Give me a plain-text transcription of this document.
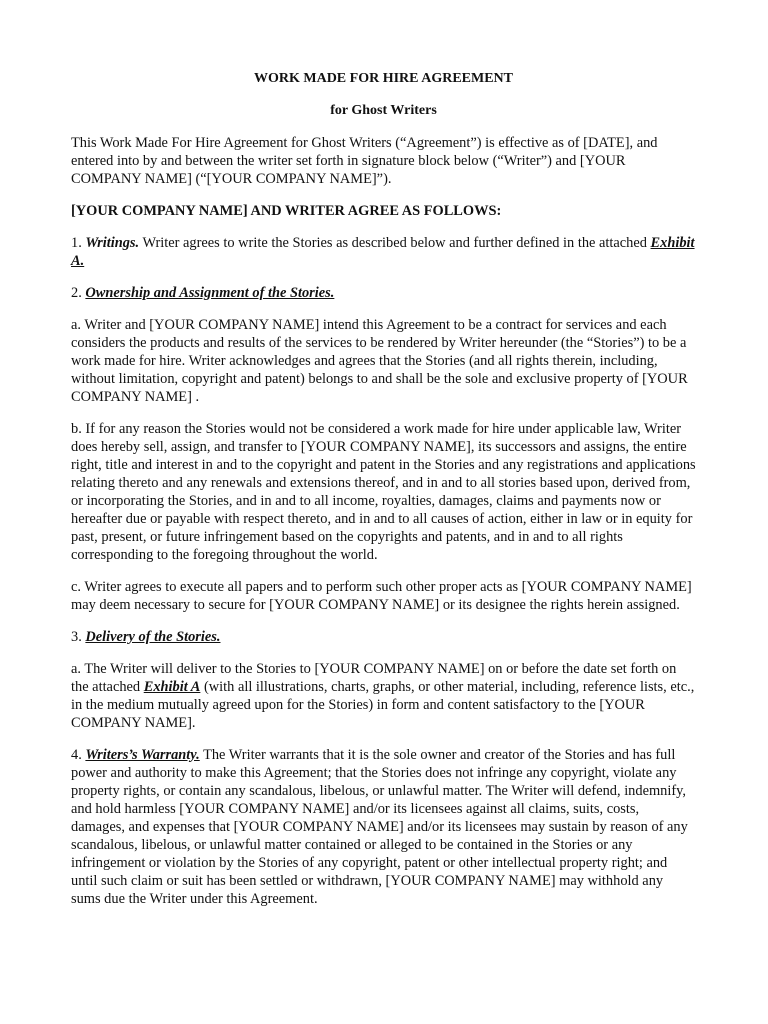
WORK MADE FOR HIRE AGREEMENT
for Ghost Writers

This Work Made For Hire Agreement for Ghost Writers (“Agreement”) is effective as of [DATE], and entered into by and between the writer set forth in signature block below (“Writer”) and [YOUR COMPANY NAME] (“[YOUR COMPANY NAME]”).

[YOUR COMPANY NAME] AND WRITER AGREE AS FOLLOWS:

1. Writings. Writer agrees to write the Stories as described below and further defined in the attached Exhibit A.

2. Ownership and Assignment of the Stories.

a. Writer and [YOUR COMPANY NAME] intend this Agreement to be a contract for services and each considers the products and results of the services to be rendered by Writer hereunder (the “Stories”) to be a work made for hire. Writer acknowledges and agrees that the Stories (and all rights therein, including, without limitation, copyright and patent) belongs to and shall be the sole and exclusive property of [YOUR COMPANY NAME] .

b. If for any reason the Stories would not be considered a work made for hire under applicable law, Writer does hereby sell, assign, and transfer to [YOUR COMPANY NAME], its successors and assigns, the entire right, title and interest in and to the copyright and patent in the Stories and any registrations and applications relating thereto and any renewals and extensions thereof, and in and to all stories based upon, derived from, or incorporating the Stories, and in and to all income, royalties, damages, claims and payments now or hereafter due or payable with respect thereto, and in and to all causes of action, either in law or in equity for past, present, or future infringement based on the copyrights and patents, and in and to all rights corresponding to the foregoing throughout the world.

c. Writer agrees to execute all papers and to perform such other proper acts as [YOUR COMPANY NAME] may deem necessary to secure for [YOUR COMPANY NAME] or its designee the rights herein assigned.

3. Delivery of the Stories.

a. The Writer will deliver to the Stories to [YOUR COMPANY NAME] on or before the date set forth on the attached Exhibit A (with all illustrations, charts, graphs, or other material, including, reference lists, etc., in the medium mutually agreed upon for the Stories) in form and content satisfactory to the [YOUR COMPANY NAME].

4. Writers’s Warranty. The Writer warrants that it is the sole owner and creator of the Stories and has full power and authority to make this Agreement; that the Stories does not infringe any copyright, violate any property rights, or contain any scandalous, libelous, or unlawful matter. The Writer will defend, indemnify, and hold harmless [YOUR COMPANY NAME] and/or its licensees against all claims, suits, costs, damages, and expenses that [YOUR COMPANY NAME] and/or its licensees may sustain by reason of any scandalous, libelous, or unlawful matter contained or alleged to be contained in the Stories or any infringement or violation by the Stories of any copyright, patent or other intellectual property right; and until such claim or suit has been settled or withdrawn, [YOUR COMPANY NAME] may withhold any sums due the Writer under this Agreement.
